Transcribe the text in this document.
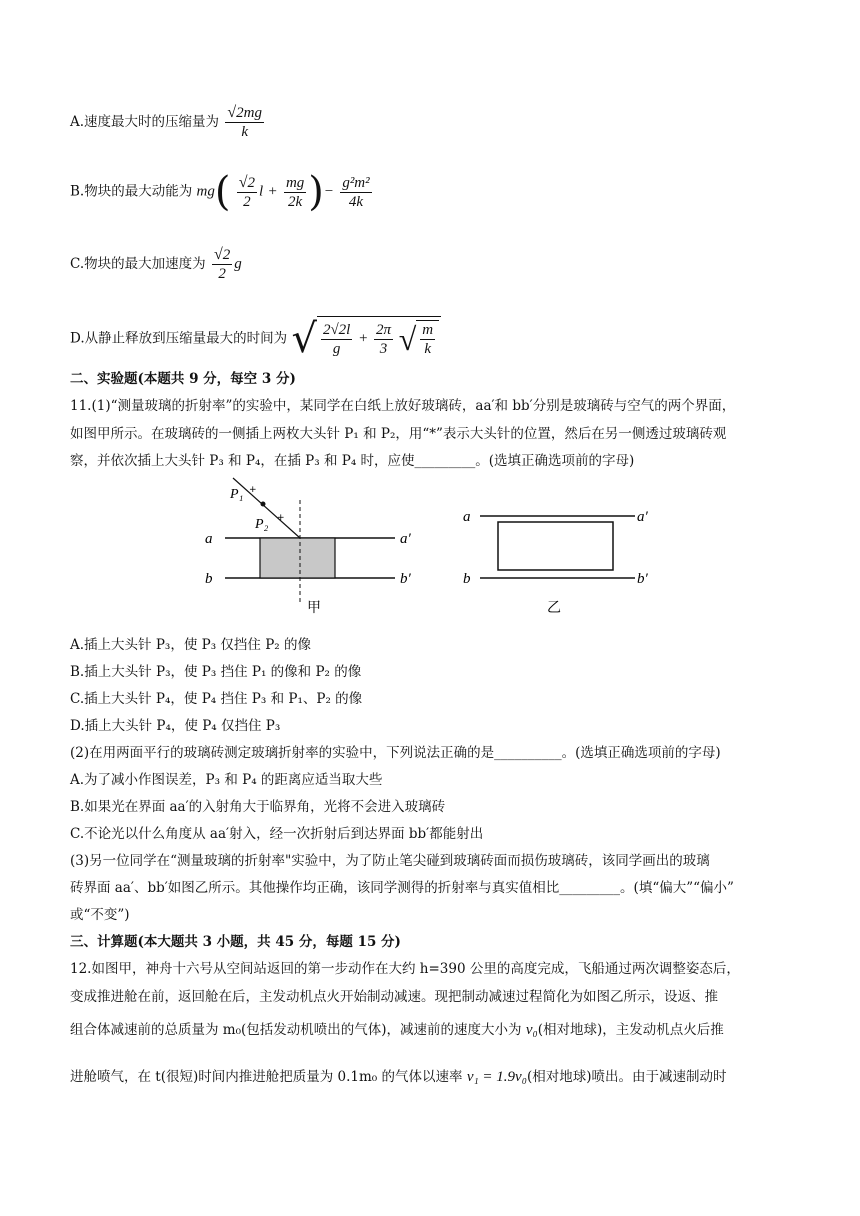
A.速度最大时的压缩量为 $\frac{√2mg}{k}$
B.物块的最大动能为 $mg( \frac{√2}{2}$ $l + \frac{mg}{2k}$ )− $\frac{\text{g²m²}}{4k}$
C.物块的最大加速度为 $\frac{√2}{2}$ g
D.从静止释放到压缩量最大的时间为 √ $\frac{2√2l}{g} + \frac{2\pi}{3}$ √ $\frac{m}{k}$
二、实验题(本题共 9 分，每空 3 分)
11.(1)“测量玻璃的折射率”的实验中，某同学在白纸上放好玻璃砖，aa′和 bb′分别是玻璃砖与空气的两个界面，
如图甲所示。在玻璃砖的一侧插上两枚大头针 P₁ 和 P₂，用“*”表示大头针的位置，然后在另一侧透过玻璃砖观
察，并依次插上大头针 P₃ 和 P₄，在插 P₃ 和 P₄ 时，应使_________。(选填正确选项前的字母)
+
+
P₁
P₂
a	a′
b	b′
甲
a	a′
b	b′
乙
A.插上大头针 P₃，使 P₃ 仅挡住 P₂ 的像
B.插上大头针 P₃，使 P₃ 挡住 P₁ 的像和 P₂ 的像
C.插上大头针 P₄，使 P₄ 挡住 P₃ 和 P₁、P₂ 的像
D.插上大头针 P₄，使 P₄ 仅挡住 P₃
(2)在用两面平行的玻璃砖测定玻璃折射率的实验中，下列说法正确的是__________。(选填正确选项前的字母)
A.为了减小作图误差，P₃ 和 P₄ 的距离应适当取大些
B.如果光在界面 aa′的入射角大于临界角，光将不会进入玻璃砖
C.不论光以什么角度从 aa′射入，经一次折射后到达界面 bb′都能射出
(3)另一位同学在“测量玻璃的折射率"实验中，为了防止笔尖碰到玻璃砖面而损伤玻璃砖，该同学画出的玻璃
砖界面 aa′、bb′如图乙所示。其他操作均正确，该同学测得的折射率与真实值相比_________。(填“偏大”“偏小”
或“不变”)
三、计算题(本大题共 3 小题，共 45 分，每题 15 分)
12.如图甲，神舟十六号从空间站返回的第一步动作在大约 h=390 公里的高度完成，飞船通过两次调整姿态后，
变成推进舱在前，返回舱在后，主发动机点火开始制动减速。现把制动减速过程简化为如图乙所示，设返、推
组合体减速前的总质量为 m₀(包括发动机喷出的气体)，减速前的速度大小为 v₀(相对地球)，主发动机点火后推
进舱喷气，在 t(很短)时间内推进舱把质量为 0.1m₀ 的气体以速率 v₁ = 1.9v₀(相对地球)喷出。由于减速制动时
